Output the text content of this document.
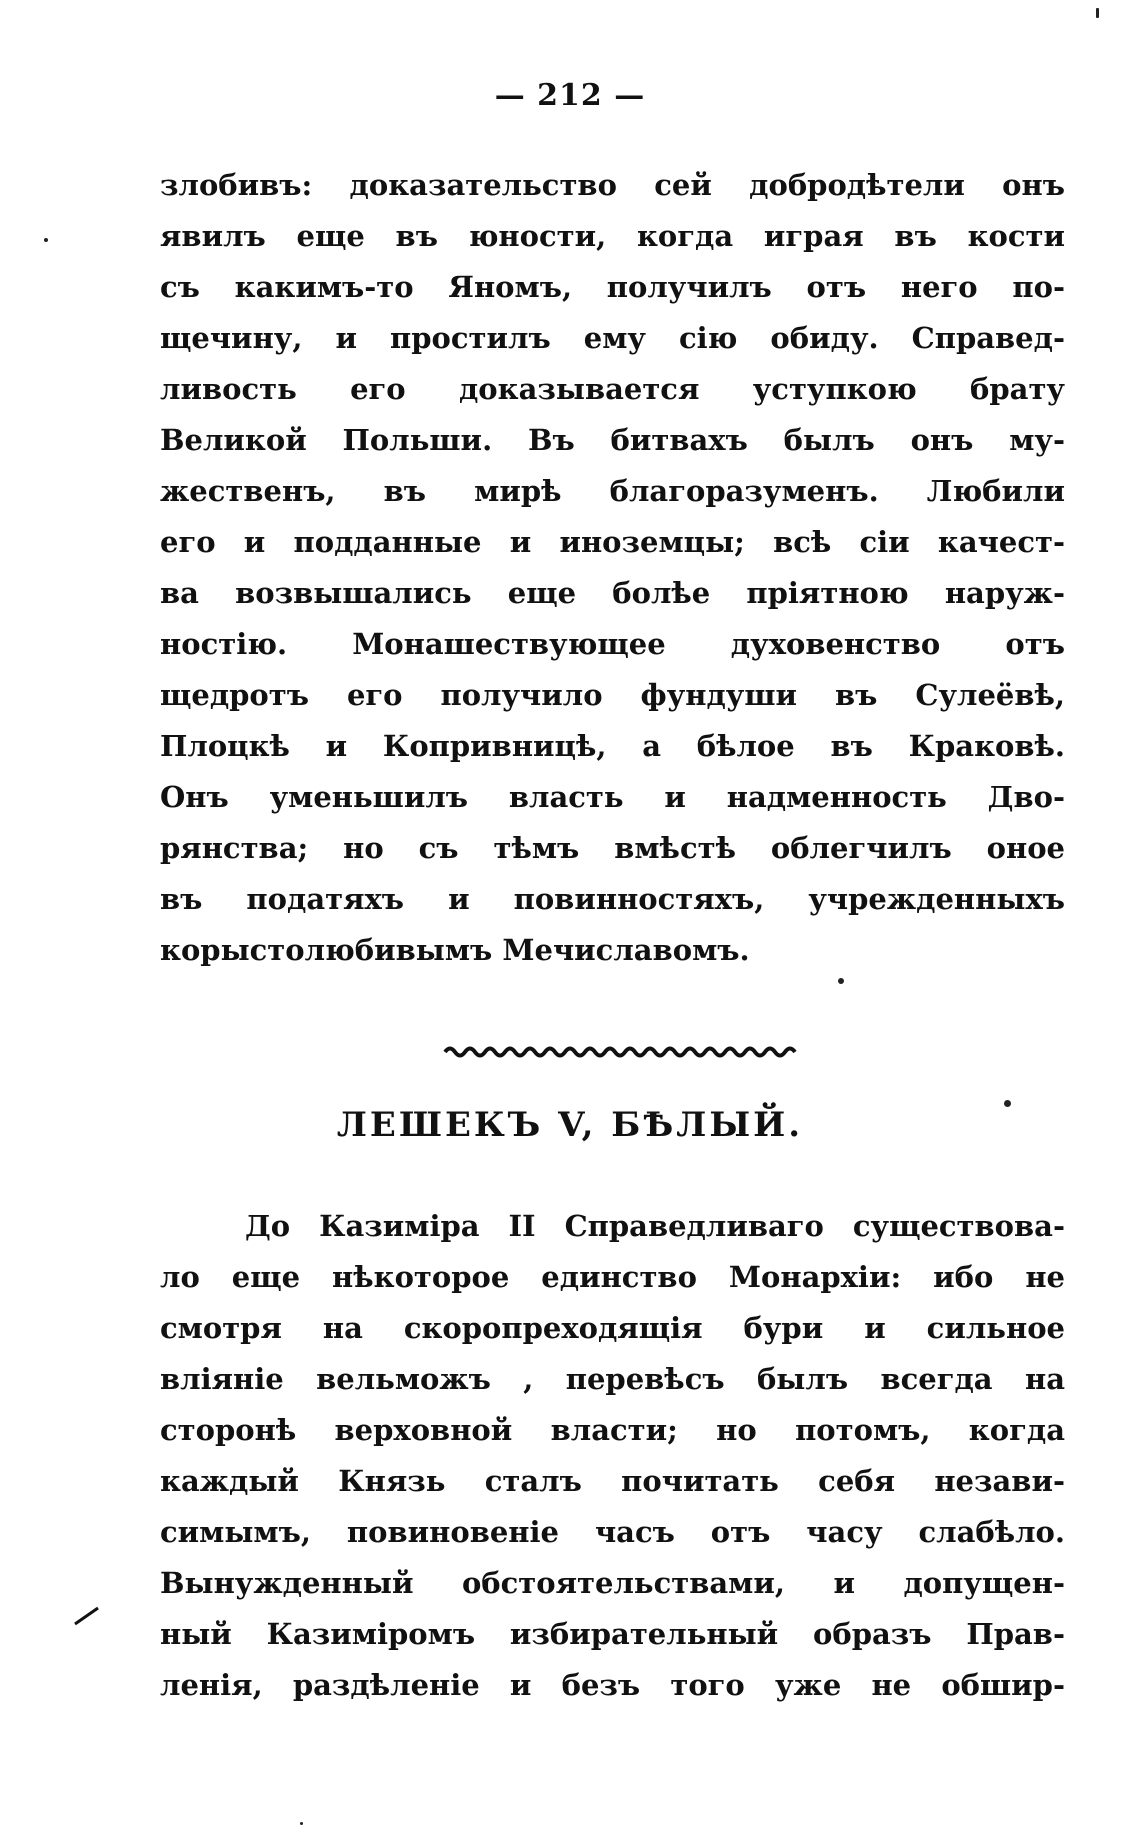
— 212 —
злобивъ: доказательство сей добродѣтели онъ
явилъ еще въ юности, когда играя въ кости
съ какимъ-то Яномъ, получилъ отъ него по-
щечину, и простилъ ему сію обиду. Справед-
ливость его доказывается уступкою брату
Великой Польши. Въ битвахъ былъ онъ му-
жественъ, въ мирѣ благоразуменъ. Любили
его и подданные и иноземцы; всѣ сіи качест-
ва возвышались еще болѣе пріятною наруж-
ностію. Монашествующее духовенство отъ
щедротъ его получило фундуши въ Сулеёвѣ,
Плоцкѣ и Копривницѣ, а бѣлое въ Краковѣ.
Онъ уменьшилъ власть и надменность Дво-
рянства; но съ тѣмъ вмѣстѣ облегчилъ оное
въ податяхъ и повинностяхъ, учрежденныхъ
корыстолюбивымъ Мечиславомъ.
ЛЕШЕКЪ V, БѢЛЫЙ.
До Казиміра II Справедливаго существова-
ло еще нѣкоторое единство Монархіи: ибо не
смотря на скоропреходящія бури и сильное
вліяніе вельможъ , перевѣсъ былъ всегда на
сторонѣ верховной власти; но потомъ, когда
каждый Князь сталъ почитать себя незави-
симымъ, повиновеніе часъ отъ часу слабѣло.
Вынужденный обстоятельствами, и допущен-
ный Казиміромъ избирательный образъ Прав-
ленія, раздѣленіе и безъ того уже не обшир-
